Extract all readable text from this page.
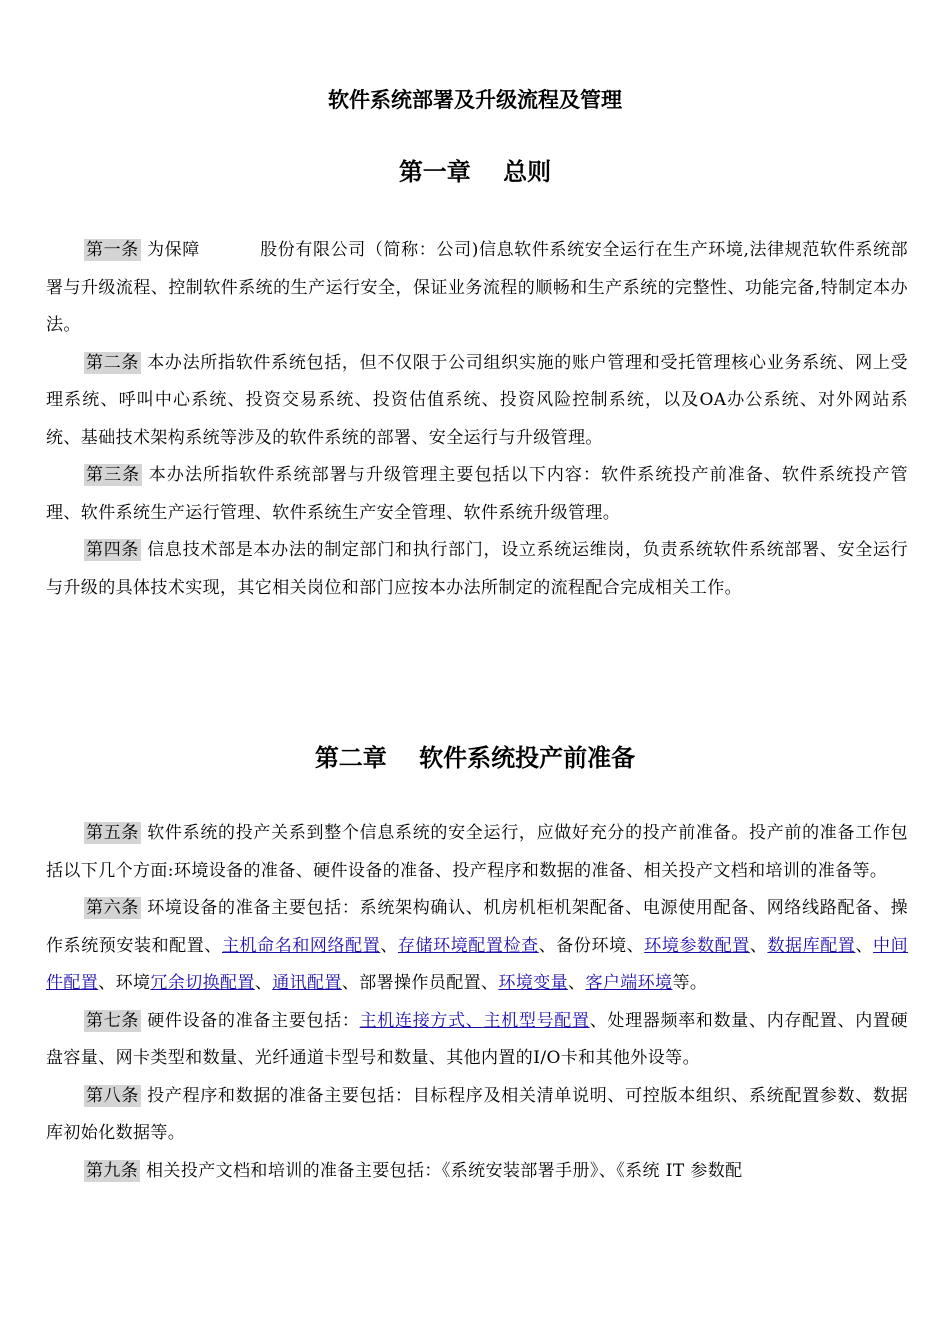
软件系统部署及升级流程及管理
第一章　 总则

第一条 为保障	股份有限公司（简称：公司)信息软件系统安全运行在生产环境,法律规范软件系统部署与升级流程、控制软件系统的生产运行安全，保证业务流程的顺畅和生产系统的完整性、功能完备,特制定本办法。

第二条 本办法所指软件系统包括，但不仅限于公司组织实施的账户管理和受托管理核心业务系统、网上受理系统、呼叫中心系统、投资交易系统、投资估值系统、投资风险控制系统，以及OA办公系统、对外网站系统、基础技术架构系统等涉及的软件系统的部署、安全运行与升级管理。

第三条 本办法所指软件系统部署与升级管理主要包括以下内容：软件系统投产前准备、软件系统投产管理、软件系统生产运行管理、软件系统生产安全管理、软件系统升级管理。

第四条 信息技术部是本办法的制定部门和执行部门，设立系统运维岗，负责系统软件系统部署、安全运行与升级的具体技术实现，其它相关岗位和部门应按本办法所制定的流程配合完成相关工作。

第二章　 软件系统投产前准备

第五条 软件系统的投产关系到整个信息系统的安全运行，应做好充分的投产前准备。投产前的准备工作包括以下几个方面:环境设备的准备、硬件设备的准备、投产程序和数据的准备、相关投产文档和培训的准备等。

第六条 环境设备的准备主要包括：系统架构确认、机房机柜机架配备、电源使用配备、网络线路配备、操作系统预安装和配置、主机命名和网络配置、存储环境配置检查、备份环境、环境参数配置、数据库配置、中间件配置、环境冗余切换配置、通讯配置、部署操作员配置、环境变量、客户端环境等。

第七条 硬件设备的准备主要包括：主机连接方式、主机型号配置、处理器频率和数量、内存配置、内置硬盘容量、网卡类型和数量、光纤通道卡型号和数量、其他内置的I/O卡和其他外设等。

第八条 投产程序和数据的准备主要包括：目标程序及相关清单说明、可控版本组织、系统配置参数、数据库初始化数据等。

第九条 相关投产文档和培训的准备主要包括：《系统安装部署手册》、《系统 IT 参数配
